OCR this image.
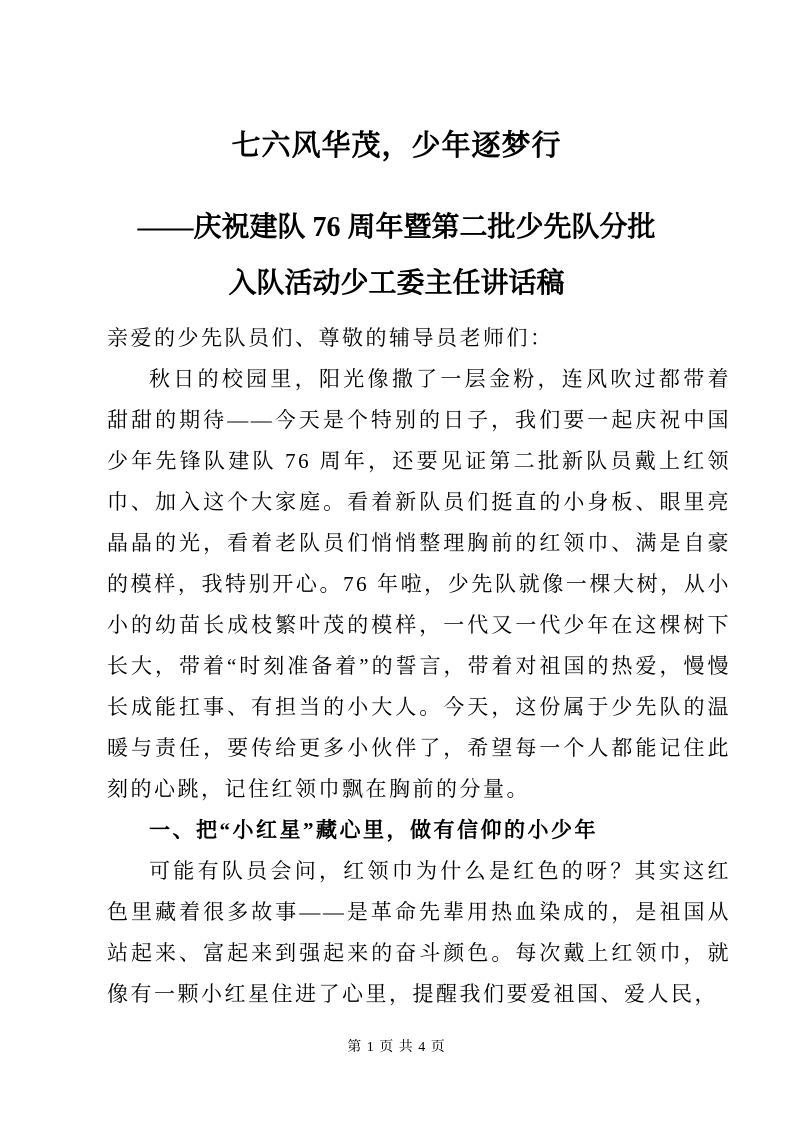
七六风华茂，少年逐梦行
——庆祝建队 76 周年暨第二批少先队分批
入队活动少工委主任讲话稿

亲爱的少先队员们、尊敬的辅导员老师们：

秋日的校园里，阳光像撒了一层金粉，连风吹过都带着甜甜的期待——今天是个特别的日子，我们要一起庆祝中国少年先锋队建队 76 周年，还要见证第二批新队员戴上红领巾、加入这个大家庭。看着新队员们挺直的小身板、眼里亮晶晶的光，看着老队员们悄悄整理胸前的红领巾、满是自豪的模样，我特别开心。76 年啦，少先队就像一棵大树，从小小的幼苗长成枝繁叶茂的模样，一代又一代少年在这棵树下长大，带着“时刻准备着”的誓言，带着对祖国的热爱，慢慢长成能扛事、有担当的小大人。今天，这份属于少先队的温暖与责任，要传给更多小伙伴了，希望每一个人都能记住此刻的心跳，记住红领巾飘在胸前的分量。

一、把“小红星”藏心里，做有信仰的小少年

可能有队员会问，红领巾为什么是红色的呀？其实这红色里藏着很多故事——是革命先辈用热血染成的，是祖国从站起来、富起来到强起来的奋斗颜色。每次戴上红领巾，就像有一颗小红星住进了心里，提醒我们要爱祖国、爱人民，

第 1 页 共 4 页
